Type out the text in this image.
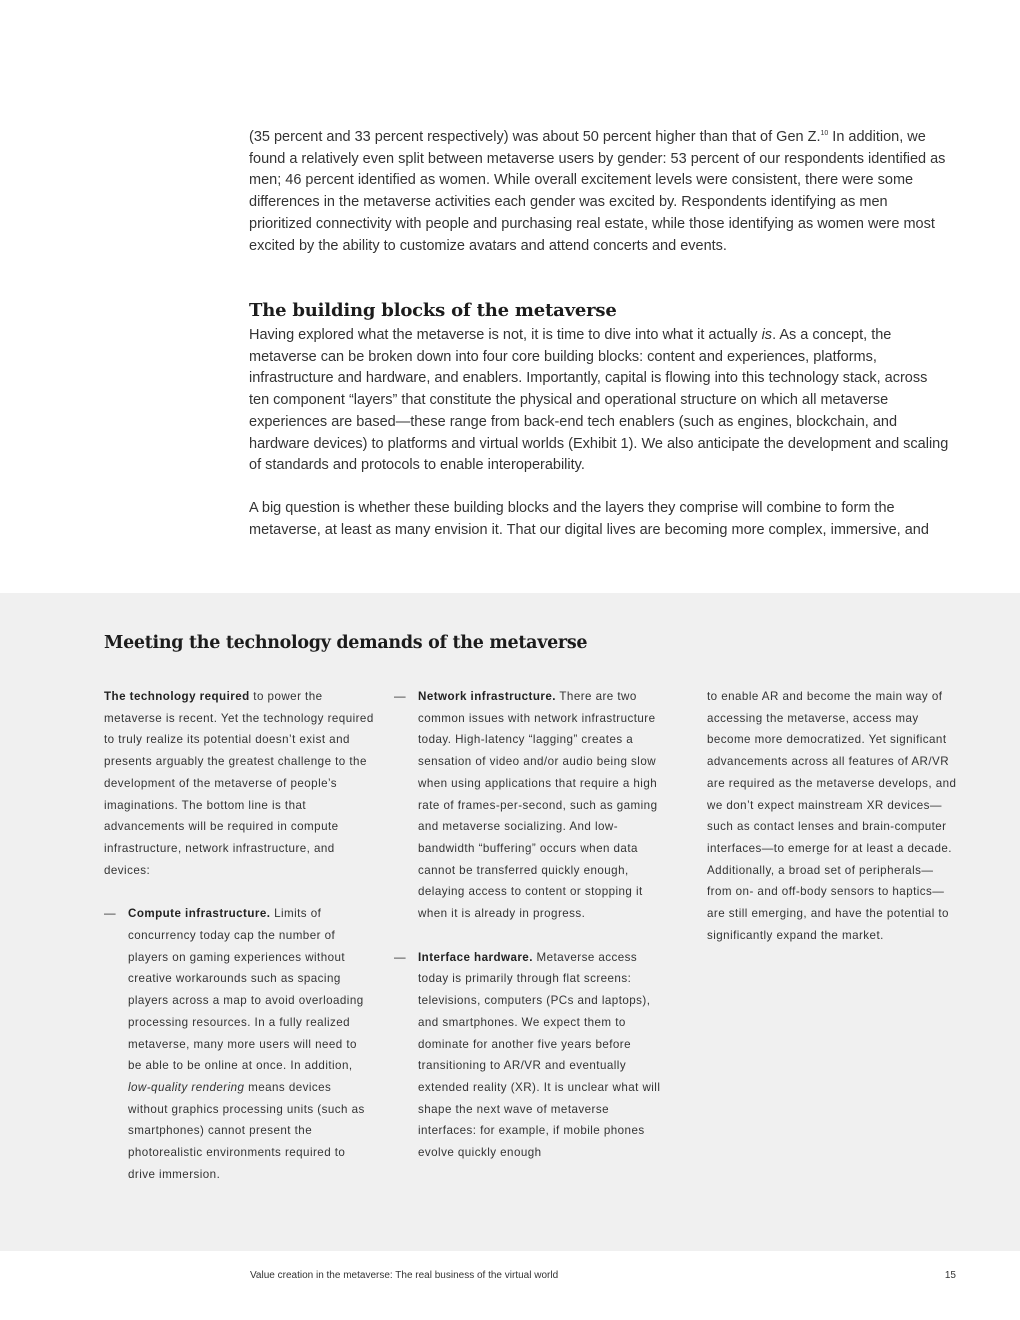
(35 percent and 33 percent respectively) was about 50 percent higher than that of Gen Z.$^{10}$ In addition, we found a relatively even split between metaverse users by gender: 53 percent of our respondents identified as men; 46 percent identified as women. While overall excitement levels were consistent, there were some differences in the metaverse activities each gender was excited by. Respondents identifying as men prioritized connectivity with people and purchasing real estate, while those identifying as women were most excited by the ability to customize avatars and attend concerts and events.

The building blocks of the metaverse

Having explored what the metaverse is not, it is time to dive into what it actually is. As a concept, the metaverse can be broken down into four core building blocks: content and experiences, platforms, infrastructure and hardware, and enablers. Importantly, capital is flowing into this technology stack, across ten component “layers” that constitute the physical and operational structure on which all metaverse experiences are based—these range from back-end tech enablers (such as engines, blockchain, and hardware devices) to platforms and virtual worlds (Exhibit 1). We also anticipate the development and scaling of standards and protocols to enable interoperability.

A big question is whether these building blocks and the layers they comprise will combine to form the metaverse, at least as many envision it. That our digital lives are becoming more complex, immersive, and

Meeting the technology demands of the metaverse

The technology required to power the metaverse is recent. Yet the technology required to truly realize its potential doesn’t exist and presents arguably the greatest challenge to the development of the metaverse of people’s imaginations. The bottom line is that advancements will be required in compute infrastructure, network infrastructure, and devices:

— Compute infrastructure. Limits of concurrency today cap the number of players on gaming experiences without creative workarounds such as spacing players across a map to avoid overloading processing resources. In a fully realized metaverse, many more users will need to be able to be online at once. In addition, low-quality rendering means devices without graphics processing units (such as smartphones) cannot present the photorealistic environments required to drive immersion.

— Network infrastructure. There are two common issues with network infrastructure today. High-latency “lagging” creates a sensation of video and/or audio being slow when using applications that require a high rate of frames-per-second, such as gaming and metaverse socializing. And low-bandwidth “buffering” occurs when data cannot be transferred quickly enough, delaying access to content or stopping it when it is already in progress.

— Interface hardware. Metaverse access today is primarily through flat screens: televisions, computers (PCs and laptops), and smartphones. We expect them to dominate for another five years before transitioning to AR/VR and eventually extended reality (XR). It is unclear what will shape the next wave of metaverse interfaces: for example, if mobile phones evolve quickly enough

to enable AR and become the main way of accessing the metaverse, access may become more democratized. Yet significant advancements across all features of AR/VR are required as the metaverse develops, and we don’t expect mainstream XR devices—such as contact lenses and brain-computer interfaces—to emerge for at least a decade. Additionally, a broad set of peripherals—from on- and off-body sensors to haptics—are still emerging, and have the potential to significantly expand the market.

Value creation in the metaverse: The real business of the virtual world	15
